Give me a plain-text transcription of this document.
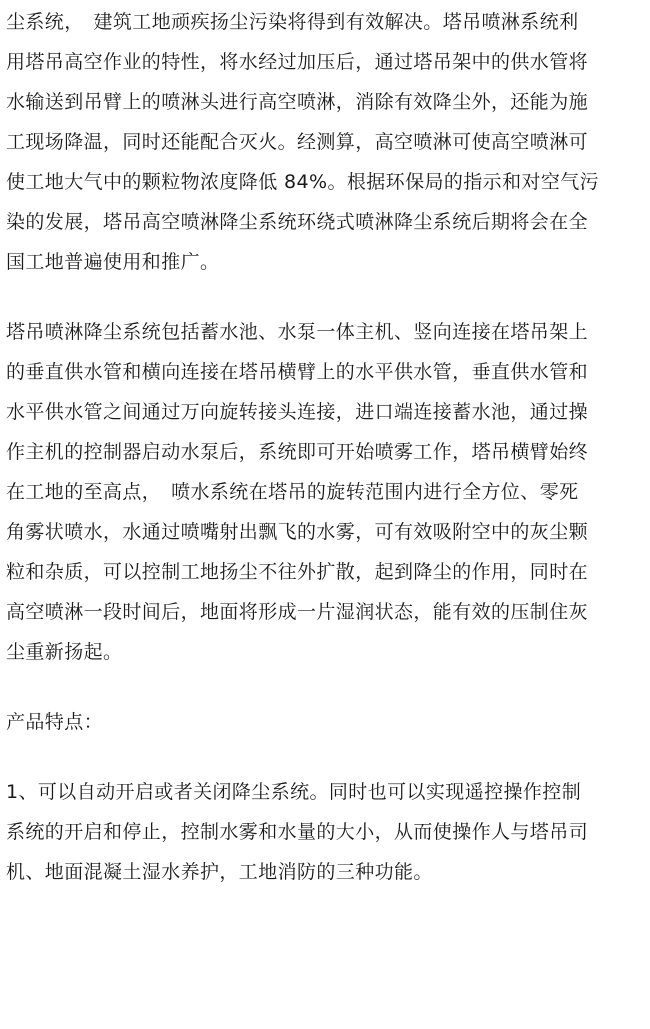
尘系统，　建筑工地顽疾扬尘污染将得到有效解决。塔吊喷淋系统利
用塔吊高空作业的特性，将水经过加压后，通过塔吊架中的供水管将
水输送到吊臂上的喷淋头进行高空喷淋，消除有效降尘外，还能为施
工现场降温，同时还能配合灭火。经测算，高空喷淋可使高空喷淋可
使工地大气中的颗粒物浓度降低 84%。根据环保局的指示和对空气污
染的发展，塔吊高空喷淋降尘系统环绕式喷淋降尘系统后期将会在全
国工地普遍使用和推广。
塔吊喷淋降尘系统包括蓄水池、水泵一体主机、竖向连接在塔吊架上
的垂直供水管和横向连接在塔吊横臂上的水平供水管，垂直供水管和
水平供水管之间通过万向旋转接头连接，进口端连接蓄水池，通过操
作主机的控制器启动水泵后，系统即可开始喷雾工作，塔吊横臂始终
在工地的至高点，　喷水系统在塔吊的旋转范围内进行全方位、零死
角雾状喷水，水通过喷嘴射出飘飞的水雾，可有效吸附空中的灰尘颗
粒和杂质，可以控制工地扬尘不往外扩散，起到降尘的作用，同时在
高空喷淋一段时间后，地面将形成一片湿润状态，能有效的压制住灰
尘重新扬起。
产品特点：
1、可以自动开启或者关闭降尘系统。同时也可以实现遥控操作控制
系统的开启和停止，控制水雾和水量的大小，从而使操作人与塔吊司
机、地面混凝土湿水养护，工地消防的三种功能。
